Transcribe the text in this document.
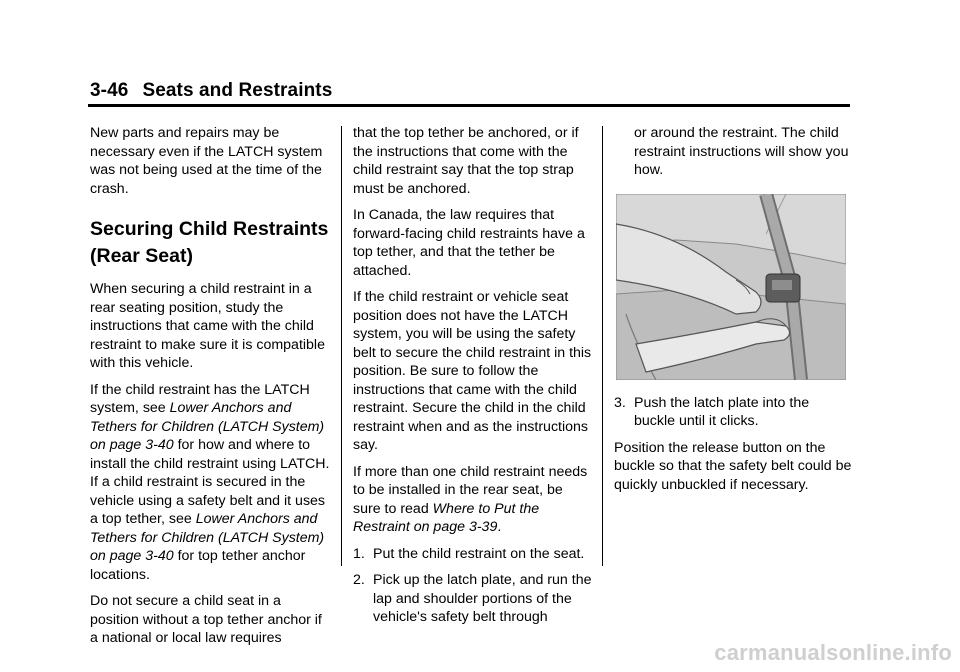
3-46 Seats and Restraints

New parts and repairs may be necessary even if the LATCH system was not being used at the time of the crash.

Securing Child Restraints (Rear Seat)

When securing a child restraint in a rear seating position, study the instructions that came with the child restraint to make sure it is compatible with this vehicle.

If the child restraint has the LATCH system, see Lower Anchors and Tethers for Children (LATCH System) on page 3-40 for how and where to install the child restraint using LATCH. If a child restraint is secured in the vehicle using a safety belt and it uses a top tether, see Lower Anchors and Tethers for Children (LATCH System) on page 3-40 for top tether anchor locations.

Do not secure a child seat in a position without a top tether anchor if a national or local law requires

that the top tether be anchored, or if the instructions that come with the child restraint say that the top strap must be anchored.

In Canada, the law requires that forward-facing child restraints have a top tether, and that the tether be attached.

If the child restraint or vehicle seat position does not have the LATCH system, you will be using the safety belt to secure the child restraint in this position. Be sure to follow the instructions that came with the child restraint. Secure the child in the child restraint when and as the instructions say.

If more than one child restraint needs to be installed in the rear seat, be sure to read Where to Put the Restraint on page 3-39.

1. Put the child restraint on the seat.
2. Pick up the latch plate, and run the lap and shoulder portions of the vehicle's safety belt through

or around the restraint. The child restraint instructions will show you how.

3. Push the latch plate into the buckle until it clicks.

Position the release button on the buckle so that the safety belt could be quickly unbuckled if necessary.

carmanualsonline.info
